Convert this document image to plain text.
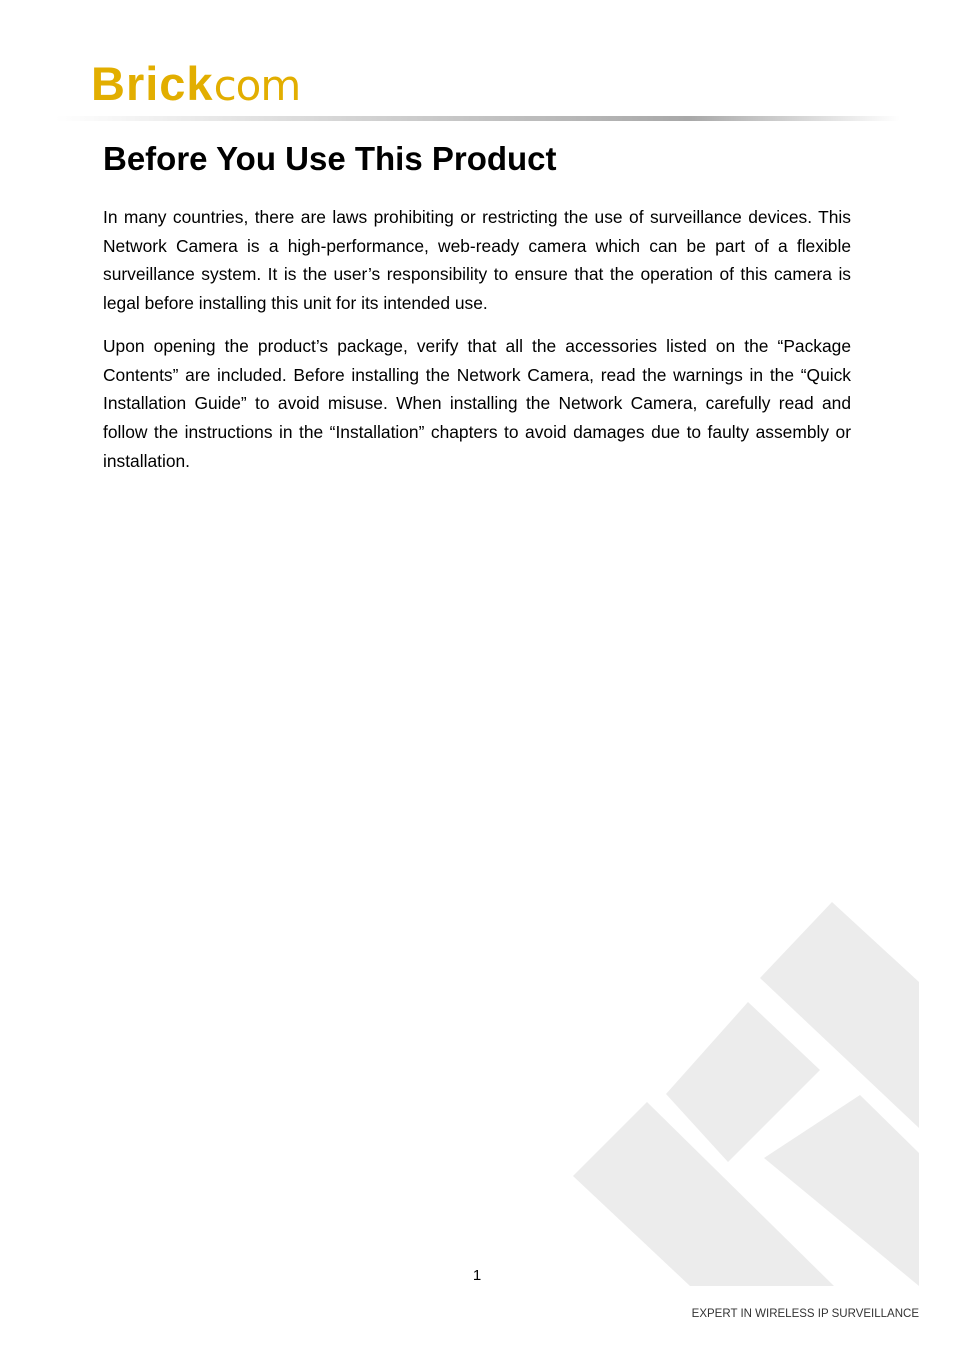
Brickcom
Before You Use This Product

In many countries, there are laws prohibiting or restricting the use of surveillance devices. This Network Camera is a high-performance, web-ready camera which can be part of a flexible surveillance system. It is the user’s responsibility to ensure that the operation of this camera is legal before installing this unit for its intended use.

Upon opening the product’s package, verify that all the accessories listed on the “Package Contents” are included. Before installing the Network Camera, read the warnings in the “Quick Installation Guide” to avoid misuse. When installing the Network Camera, carefully read and follow the instructions in the “Installation” chapters to avoid damages due to faulty assembly or installation.

1
EXPERT IN WIRELESS IP SURVEILLANCE
